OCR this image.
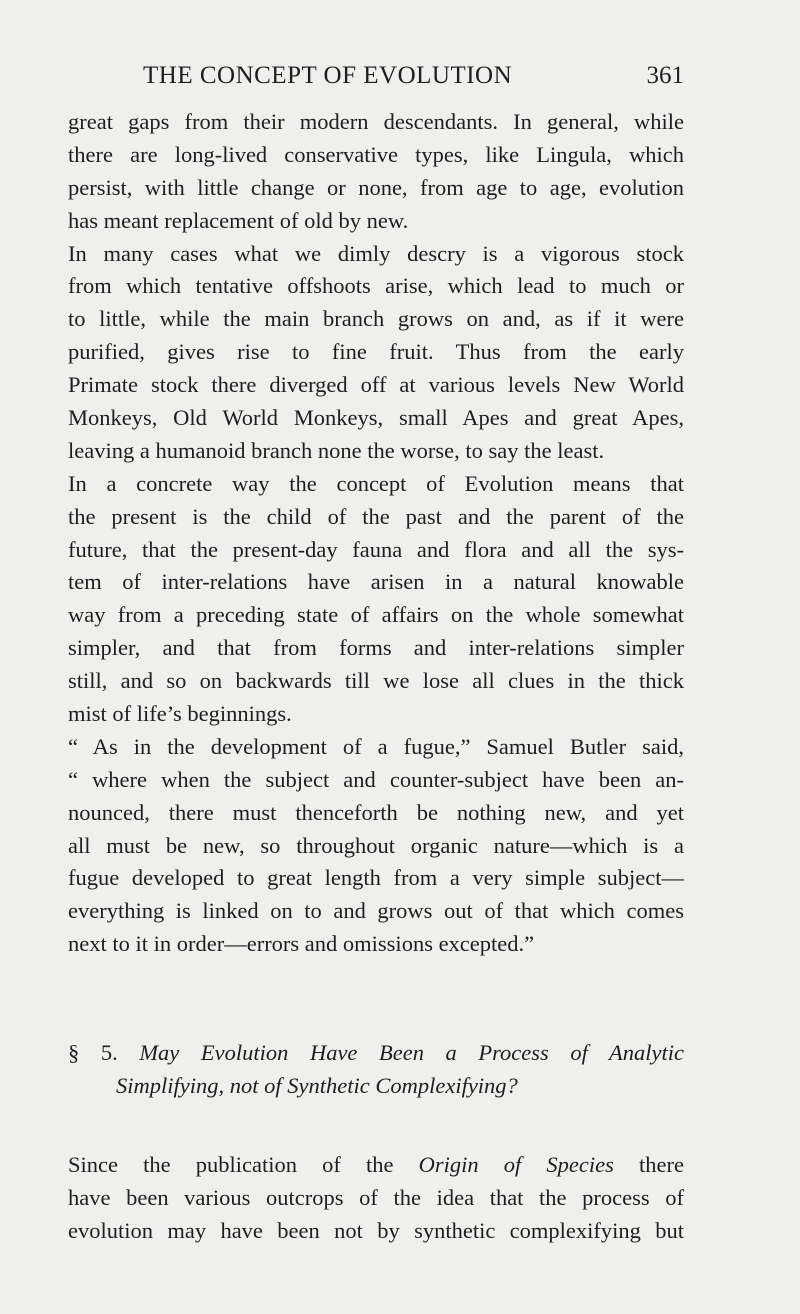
THE CONCEPT OF EVOLUTION	361
great gaps from their modern descendants. In general, while
there are long-lived conservative types, like Lingula, which
persist, with little change or none, from age to age, evolution
has meant replacement of old by new.
In many cases what we dimly descry is a vigorous stock
from which tentative offshoots arise, which lead to much or
to little, while the main branch grows on and, as if it were
purified, gives rise to fine fruit. Thus from the early
Primate stock there diverged off at various levels New World
Monkeys, Old World Monkeys, small Apes and great Apes,
leaving a humanoid branch none the worse, to say the least.
In a concrete way the concept of Evolution means that
the present is the child of the past and the parent of the
future, that the present-day fauna and flora and all the sys-
tem of inter-relations have arisen in a natural knowable
way from a preceding state of affairs on the whole somewhat
simpler, and that from forms and inter-relations simpler
still, and so on backwards till we lose all clues in the thick
mist of life’s beginnings.
“ As in the development of a fugue,” Samuel Butler said,
“ where when the subject and counter-subject have been an-
nounced, there must thenceforth be nothing new, and yet
all must be new, so throughout organic nature—which is a
fugue developed to great length from a very simple subject—
everything is linked on to and grows out of that which comes
next to it in order—errors and omissions excepted.”
§ 5. May Evolution Have Been a Process of Analytic
Simplifying, not of Synthetic Complexifying?
Since the publication of the Origin of Species there
have been various outcrops of the idea that the process of
evolution may have been not by synthetic complexifying but
